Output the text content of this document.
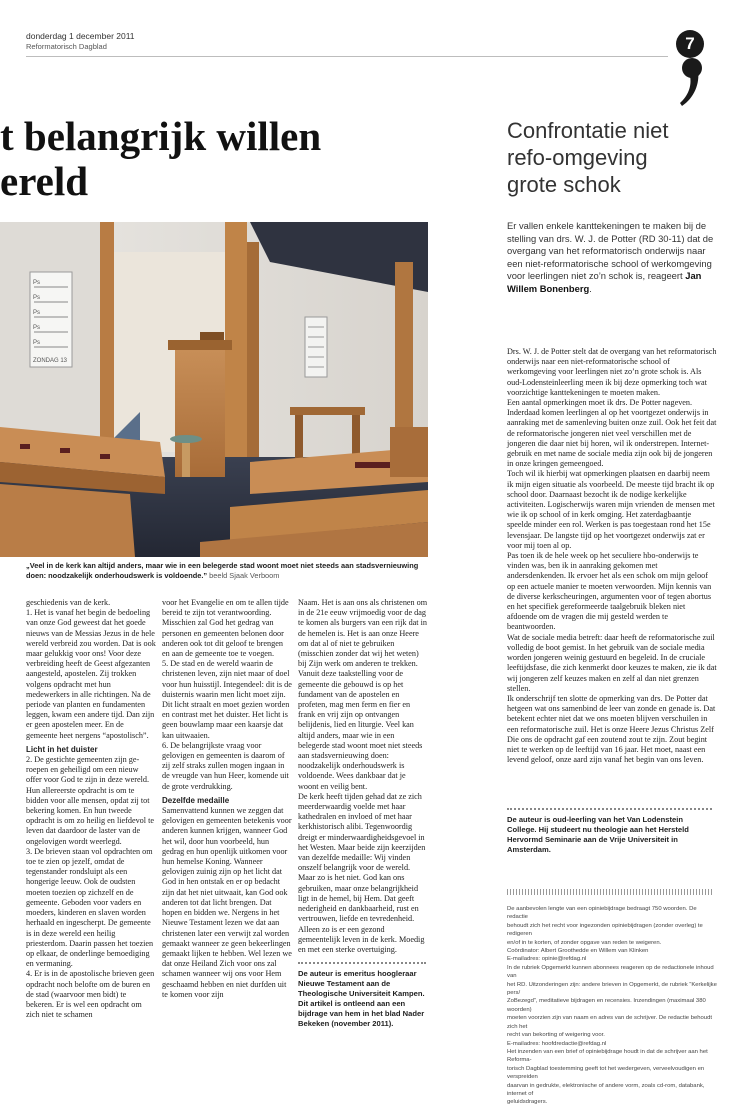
donderdag 1 december 2011
Reformatorisch Dagblad	7
t belangrijk willen
ereld
Ps
Ps
Ps
Ps
Ps
ZONDAG 13
„Veel in de kerk kan altijd anders, maar wie in een belegerde stad woont moet niet steeds aan stadsvernieuwing doen: noodzakelijk onderhoudswerk is voldoende.” beeld Sjaak Verboom

geschiedenis van de kerk.
1. Het is vanaf het begin de bedoeling van onze God geweest dat het goede nieuws van de Messias Jezus in de hele wereld verbreid zou worden. Dat is ook maar gelukkig voor ons! Voor deze verbreiding heeft de Geest afgezanten aangesteld, apostelen. Zij trokken volgens opdracht met hun medewerkers in alle richtingen. Na de periode van planten en fundamenten leggen, kwam een andere tijd. Dan zijn er geen apostelen meer. En de gemeente heet nergens “apostolisch”.

Licht in het duister

2. De gestichte gemeenten zijn geroepen en geheiligd om een nieuw offer voor God te zijn in deze wereld. Hun allereerste opdracht is om te bidden voor alle mensen, opdat zij tot bekering komen. En hun tweede opdracht is om zo heilig en liefdevol te leven dat daardoor de laster van de ongelovigen wordt weerlegd.
3. De brieven staan vol opdrachten om toe te zien op jezelf, omdat de tegenstander rondsluipt als een hongerige leeuw. Ook de oudsten moeten toezien op zichzelf en de gemeente. Geboden voor vaders en moeders, kinderen en slaven worden herhaald en ingescherpt. De gemeente is in deze wereld een heilig priesterdom. Daarin passen het toezien op elkaar, de onderlinge bemoediging en vermaning.
4. Er is in de apostolische brieven geen opdracht noch belofte om de buren en de stad (waarvoor men bidt) te bekeren. Er is wel een opdracht om zich niet te schamen

voor het Evangelie en om te allen tijde bereid te zijn tot verantwoording. Misschien zal God het gedrag van personen en gemeenten belonen door anderen ook tot dit geloof te brengen en aan de gemeente toe te voegen.
5. De stad en de wereld waarin de christenen leven, zijn niet maar of doel voor hun huisstijl. Integendeel: dit is de duisternis waarin men licht moet zijn. Dit licht straalt en moet gezien worden en contrast met het duister. Het licht is geen bouwlamp maar een kaarsje dat kan uitwaaien.
6. De belangrijkste vraag voor gelovigen en gemeenten is daarom of zij zelf straks zullen mogen ingaan in de vreugde van hun Heer, komende uit de grote verdrukking.

Dezelfde medaille

Samenvattend kunnen we zeggen dat gelovigen en gemeenten betekenis voor anderen kunnen krijgen, wanneer God het wil, door hun voorbeeld, hun gedrag en hun openlijk uitkomen voor hun hemelse Koning. Wanneer gelovigen zuinig zijn op het licht dat God in hen ontstak en er op bedacht zijn dat het niet uitwaait, kan God ook anderen tot dat licht brengen. Dat hopen en bidden we. Nergens in het Nieuwe Testament lezen we dat aan christenen later een verwijt zal worden gemaakt wanneer ze geen bekeerlingen gemaakt lijken te hebben. Wel lezen we dat onze Heiland Zich voor ons zal schamen wanneer wij ons voor Hem geschaamd hebben en niet durfden uit te komen voor zijn

Naam. Het is aan ons als christenen om in de 21e eeuw vrijmoedig voor de dag te komen als burgers van een rijk dat in de hemelen is. Het is aan onze Heere om dat al of niet te gebruiken (misschien zonder dat wij het weten) bij Zijn werk om anderen te trekken.
Vanuit deze taakstelling voor de gemeente die gebouwd is op het fundament van de apostelen en profeten, mag men ferm en fier en frank en vrij zijn op ontvangen belijdenis, lied en liturgie. Veel kan altijd anders, maar wie in een belegerde stad woont moet niet steeds aan stadsvernieuwing doen: noodzakelijk onderhoudswerk is voldoende. Wees dankbaar dat je woont en veilig bent.
De kerk heeft tijden gehad dat ze zich meerderwaardig voelde met haar kathedralen en invloed of met haar kerkhistorisch alibi. Tegenwoordig dreigt er minderwaardigheidsgevoel in het Westen. Maar beide zijn keerzijden van dezelfde medaille: Wij vinden onszelf belangrijk voor de wereld. Maar zo is het niet. God kan ons gebruiken, maar onze belangrijkheid ligt in de hemel, bij Hem. Dat geeft nederigheid en dankbaarheid, rust en vertrouwen, liefde en tevredenheid. Alleen zo is er een gezond gemeentelijk leven in de kerk. Moedig en met een sterke overtuiging.

De auteur is emeritus hoogleraar Nieuwe Testament aan de Theologische Universiteit Kampen. Dit artikel is ontleend aan een bijdrage van hem in het blad Nader Bekeken (november 2011).

Confrontatie niet
refo-omgeving
grote schok
Er vallen enkele kanttekeningen te maken bij de stelling van drs. W. J. de Potter (RD 30-11) dat de overgang van het reformatorisch onderwijs naar een niet-reformatorische school of werkomgeving voor leerlingen niet zo’n schok is, reageert Jan Willem Bonenberg.

Drs. W. J. de Potter stelt dat de overgang van het reformatorisch onderwijs naar een niet-reformatorische school of werkomgeving voor leerlingen niet zo’n grote schok is. Als oud-Lodensteinleerling meen ik bij deze opmerking toch wat voorzichtige kanttekeningen te moeten maken.
Een aantal opmerkingen moet ik drs. De Potter nageven. Inderdaad komen leerlingen al op het voortgezet onderwijs in aanraking met de samenleving buiten onze zuil. Ook het feit dat de reformatorische jongeren niet veel verschillen met de jongeren die daar niet bij horen, wil ik onderstrepen. Internetgebruik en met name de sociale media zijn ook bij de jongeren in onze kringen gemeengoed.
Toch wil ik hierbij wat opmerkingen plaatsen en daarbij neem ik mijn eigen situatie als voorbeeld. De meeste tijd bracht ik op school door. Daarnaast bezocht ik de nodige kerkelijke activiteiten. Logischerwijs waren mijn vrienden de mensen met wie ik op school of in kerk omging. Het zaterdagbaantje speelde minder een rol. Werken is pas toegestaan rond het 15e levensjaar. De langste tijd op het voortgezet onderwijs zat er voor mij toen al op.
Pas toen ik de hele week op het seculiere hbo-onderwijs te vinden was, ben ik in aanraking gekomen met andersdenkenden. Ik ervoer het als een schok om mijn geloof op een actuele manier te moeten verwoorden. Mijn kennis van de diverse kerkscheuringen, argumenten voor of tegen abortus en het specifiek gereformeerde taalgebruik bleken niet afdoende om de vragen die mij gesteld werden te beantwoorden.
Wat de sociale media betreft: daar heeft de reformatorische zuil volledig de boot gemist. In het gebruik van de sociale media worden jongeren weinig gestuurd en begeleid. In de cruciale leeftijdsfase, die zich kenmerkt door keuzes te maken, zie ik dat wij jongeren zelf keuzes maken en zelf al dan niet grenzen stellen.
Ik onderschrijf ten slotte de opmerking van drs. De Potter dat hetgeen wat ons samenbind de leer van zonde en genade is. Dat betekent echter niet dat we ons moeten blijven verschuilen in een reformatorische zuil. Het is onze Heere Jezus Christus Zelf Die ons de opdracht gaf een zoutend zout te zijn. Zout begint niet te werken op de leeftijd van 16 jaar. Het moet, naast een levend geloof, onze aard zijn vanaf het begin van ons leven.

De auteur is oud-leerling van het Van Lodenstein College. Hij studeert nu theologie aan het Hersteld Hervormd Seminarie aan de Vrije Universiteit in Amsterdam.

De aanbevolen lengte van een opiniebijdrage bedraagt 750 woorden. De redactie

behoudt zich het recht voor ingezonden opiniebijdragen (zonder overleg) te redigeren

en/of in te korten, of zonder opgave van reden te weigeren.

Coördinator: Albert Groothedde en Willem van Klinken

E-mailadres: opinie@refdag.nl

In de rubriek Opgemerkt kunnen abonnees reageren op de redactionele inhoud van

het RD. Uitzonderingen zijn: andere brieven in Opgemerkt, de rubriek “Kerkelijke pers/

ZoBezegd”, meditatieve bijdragen en recensies. Inzendingen (maximaal 380 woorden)

moeten voorzien zijn van naam en adres van de schrijver. De redactie behoudt zich het

recht van bekorting of weigering voor.

E-mailadres: hoofdredactie@refdag.nl

Het inzenden van een brief of opiniebijdrage houdt in dat de schrijver aan het Reforma-

torisch Dagblad toestemming geeft tot het wedergeven, verveelvoudigen en verspreiden

daarvan in gedrukte, elektronische of andere vorm, zoals cd-rom, databank, internet of

geluidsdragers.
